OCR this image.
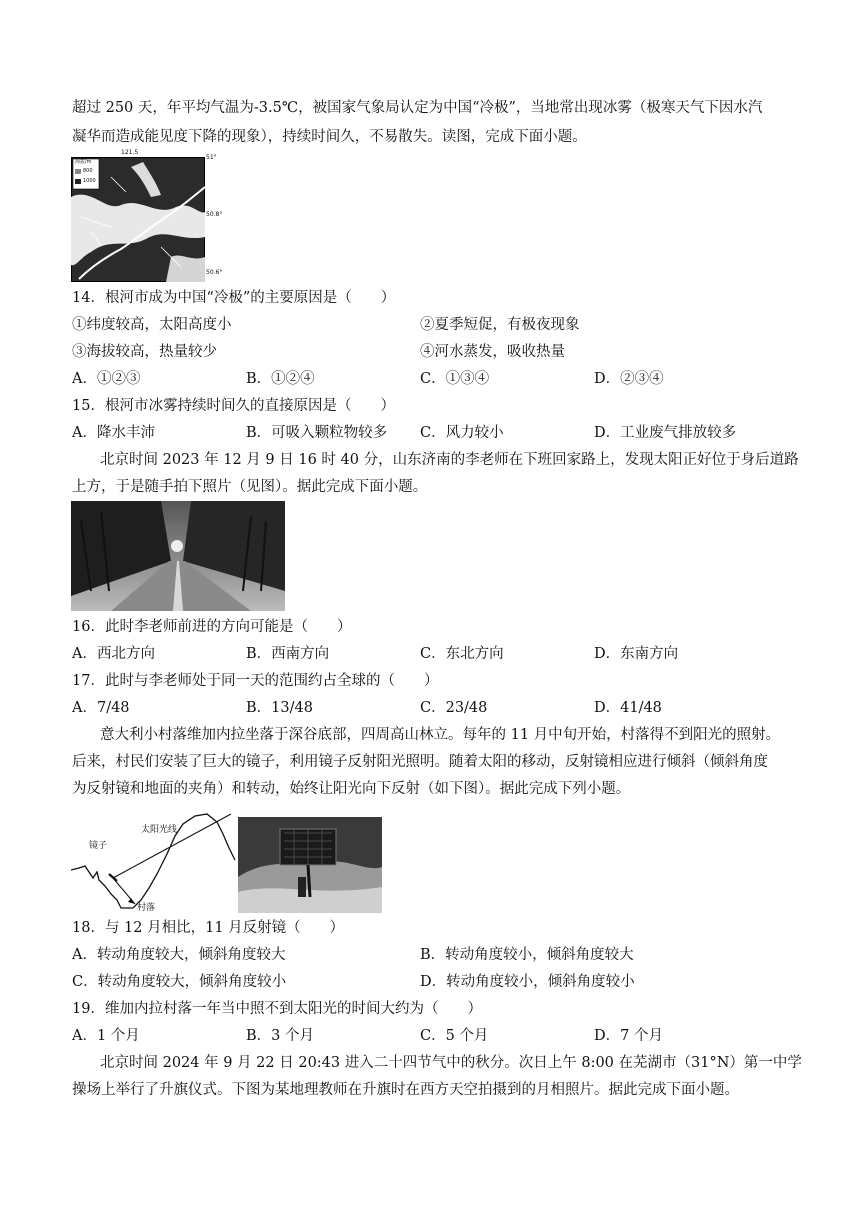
超过 250 天，年平均气温为-3.5℃，被国家气象局认定为中国“冷极”，当地常出现冰雾（极寒天气下因水汽
凝华而造成能见度下降的现象），持续时间久，不易散失。读图，完成下面小题。
海拔/m
800
1000
121.5
51°
50.8°
50.6°
14．根河市成为中国“冷极”的主要原因是（　　）
①纬度较高，太阳高度小	②夏季短促，有极夜现象
③海拔较高，热量较少	④河水蒸发，吸收热量
A．①②③	B．①②④	C．①③④	D．②③④
15．根河市冰雾持续时间久的直接原因是（　　）
A．降水丰沛	B．可吸入颗粒物较多 C．风力较小	D．工业废气排放较多
北京时间 2023 年 12 月 9 日 16 时 40 分，山东济南的李老师在下班回家路上，发现太阳正好位于身后道路
上方，于是随手拍下照片（见图）。据此完成下面小题。
16．此时李老师前进的方向可能是（　　）
A．西北方向	B．西南方向	C．东北方向	D．东南方向
17．此时与李老师处于同一天的范围约占全球的（　　）
A．7/48	B．13/48	C．23/48	D．41/48
意大利小村落维加内拉坐落于深谷底部，四周高山林立。每年的 11 月中旬开始，村落得不到阳光的照射。
后来，村民们安装了巨大的镜子，利用镜子反射阳光照明。随着太阳的移动，反射镜相应进行倾斜（倾斜角度
为反射镜和地面的夹角）和转动，始终让阳光向下反射（如下图）。据此完成下列小题。
镜子
太阳光线
村落
18．与 12 月相比，11 月反射镜（　　）
A．转动角度较大，倾斜角度较大	B．转动角度较小，倾斜角度较大
C．转动角度较大，倾斜角度较小	D．转动角度较小，倾斜角度较小
19．维加内拉村落一年当中照不到太阳光的时间大约为（　　）
A．1 个月	B．3 个月	C．5 个月	D．7 个月
北京时间 2024 年 9 月 22 日 20:43 进入二十四节气中的秋分。次日上午 8:00 在芜湖市（31°N）第一中学
操场上举行了升旗仪式。下图为某地理教师在升旗时在西方天空拍摄到的月相照片。据此完成下面小题。
